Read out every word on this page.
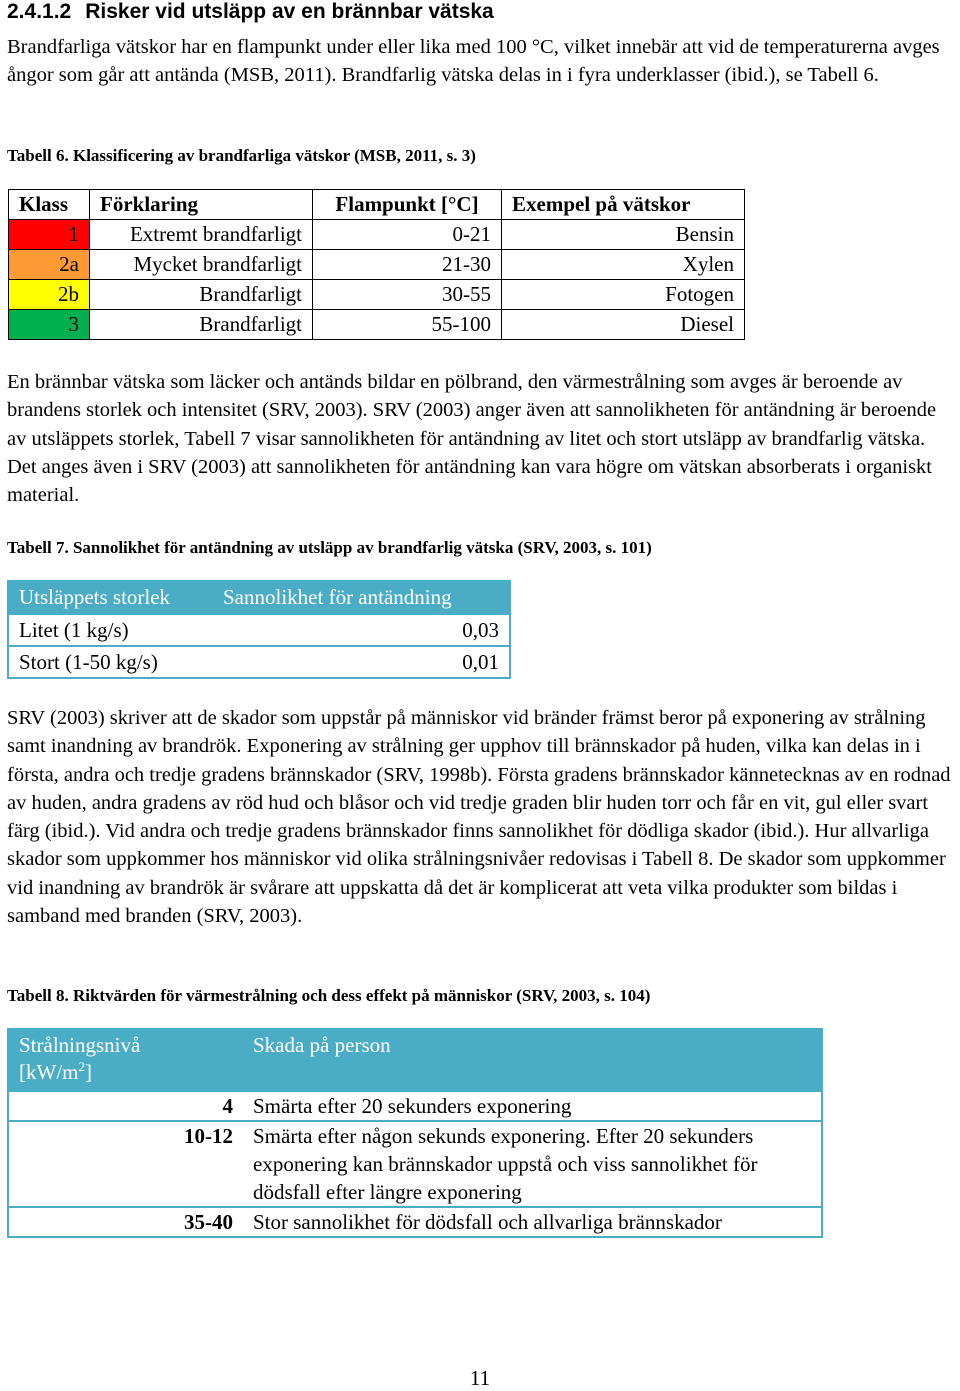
2.4.1.2 Risker vid utsläpp av en brännbar vätska
Brandfarliga vätskor har en flampunkt under eller lika med 100 °C, vilket innebär att vid de temperaturerna avges ångor som går att antända (MSB, 2011). Brandfarlig vätska delas in i fyra underklasser (ibid.), se Tabell 6.
Tabell 6. Klassificering av brandfarliga vätskor (MSB, 2011, s. 3)
Klass	Förklaring	Flampunkt [°C]	Exempel på vätskor
1	Extremt brandfarligt	0-21	Bensin
2a	Mycket brandfarligt	21-30	Xylen
2b	Brandfarligt	30-55	Fotogen
3	Brandfarligt	55-100	Diesel
En brännbar vätska som läcker och antänds bildar en pölbrand, den värmestrålning som avges är beroende av brandens storlek och intensitet (SRV, 2003). SRV (2003) anger även att sannolikheten för antändning är beroende av utsläppets storlek, Tabell 7 visar sannolikheten för antändning av litet och stort utsläpp av brandfarlig vätska. Det anges även i SRV (2003) att sannolikheten för antändning kan vara högre om vätskan absorberats i organiskt material.
Tabell 7. Sannolikhet för antändning av utsläpp av brandfarlig vätska (SRV, 2003, s. 101)
Utsläppets storlek	Sannolikhet för antändning
Litet (1 kg/s)	0,03
Stort (1-50 kg/s)	0,01
SRV (2003) skriver att de skador som uppstår på människor vid bränder främst beror på exponering av strålning samt inandning av brandrök. Exponering av strålning ger upphov till brännskador på huden, vilka kan delas in i första, andra och tredje gradens brännskador (SRV, 1998b). Första gradens brännskador kännetecknas av en rodnad av huden, andra gradens av röd hud och blåsor och vid tredje graden blir huden torr och får en vit, gul eller svart färg (ibid.). Vid andra och tredje gradens brännskador finns sannolikhet för dödliga skador (ibid.). Hur allvarliga skador som uppkommer hos människor vid olika strålningsnivåer redovisas i Tabell 8. De skador som uppkommer vid inandning av brandrök är svårare att uppskatta då det är komplicerat att veta vilka produkter som bildas i samband med branden (SRV, 2003).
Tabell 8. Riktvärden för värmestrålning och dess effekt på människor (SRV, 2003, s. 104)
Strålningsnivå
$[kW/m^2]$	Skada på person
4	Smärta efter 20 sekunders exponering
10-12	Smärta efter någon sekunds exponering. Efter 20 sekunders exponering kan brännskador uppstå och viss sannolikhet för dödsfall efter längre exponering
35-40	Stor sannolikhet för dödsfall och allvarliga brännskador
11
